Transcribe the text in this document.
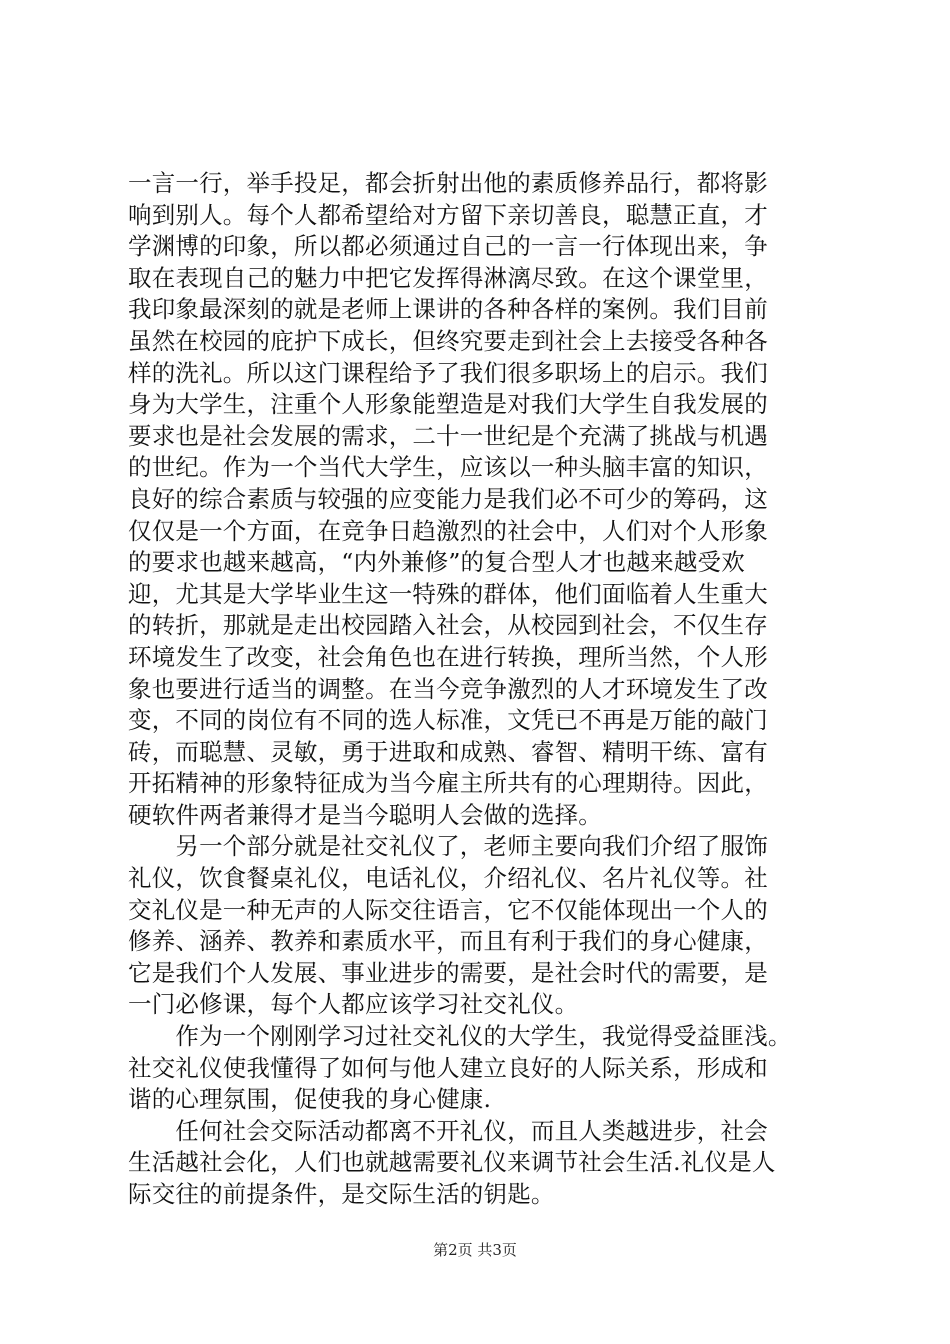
一言一行，举手投足，都会折射出他的素质修养品行，都将影
响到别人。每个人都希望给对方留下亲切善良，聪慧正直，才
学渊博的印象，所以都必须通过自己的一言一行体现出来，争
取在表现自己的魅力中把它发挥得淋漓尽致。在这个课堂里，
我印象最深刻的就是老师上课讲的各种各样的案例。我们目前
虽然在校园的庇护下成长，但终究要走到社会上去接受各种各
样的洗礼。所以这门课程给予了我们很多职场上的启示。我们
身为大学生，注重个人形象能塑造是对我们大学生自我发展的
要求也是社会发展的需求，二十一世纪是个充满了挑战与机遇
的世纪。作为一个当代大学生，应该以一种头脑丰富的知识，
良好的综合素质与较强的应变能力是我们必不可少的筹码，这
仅仅是一个方面，在竞争日趋激烈的社会中，人们对个人形象
的要求也越来越高，“内外兼修”的复合型人才也越来越受欢
迎，尤其是大学毕业生这一特殊的群体，他们面临着人生重大
的转折，那就是走出校园踏入社会，从校园到社会，不仅生存
环境发生了改变，社会角色也在进行转换，理所当然，个人形
象也要进行适当的调整。在当今竞争激烈的人才环境发生了改
变，不同的岗位有不同的选人标准，文凭已不再是万能的敲门
砖，而聪慧、灵敏，勇于进取和成熟、睿智、精明干练、富有
开拓精神的形象特征成为当今雇主所共有的心理期待。因此，
硬软件两者兼得才是当今聪明人会做的选择。
　　另一个部分就是社交礼仪了，老师主要向我们介绍了服饰
礼仪，饮食餐桌礼仪，电话礼仪，介绍礼仪、名片礼仪等。社
交礼仪是一种无声的人际交往语言，它不仅能体现出一个人的
修养、涵养、教养和素质水平，而且有利于我们的身心健康，
它是我们个人发展、事业进步的需要，是社会时代的需要，是
一门必修课，每个人都应该学习社交礼仪。
　　作为一个刚刚学习过社交礼仪的大学生，我觉得受益匪浅。
社交礼仪使我懂得了如何与他人建立良好的人际关系，形成和
谐的心理氛围，促使我的身心健康.
　　任何社会交际活动都离不开礼仪，而且人类越进步，社会
生活越社会化，人们也就越需要礼仪来调节社会生活.礼仪是人
际交往的前提条件，是交际生活的钥匙。
第2页 共3页
